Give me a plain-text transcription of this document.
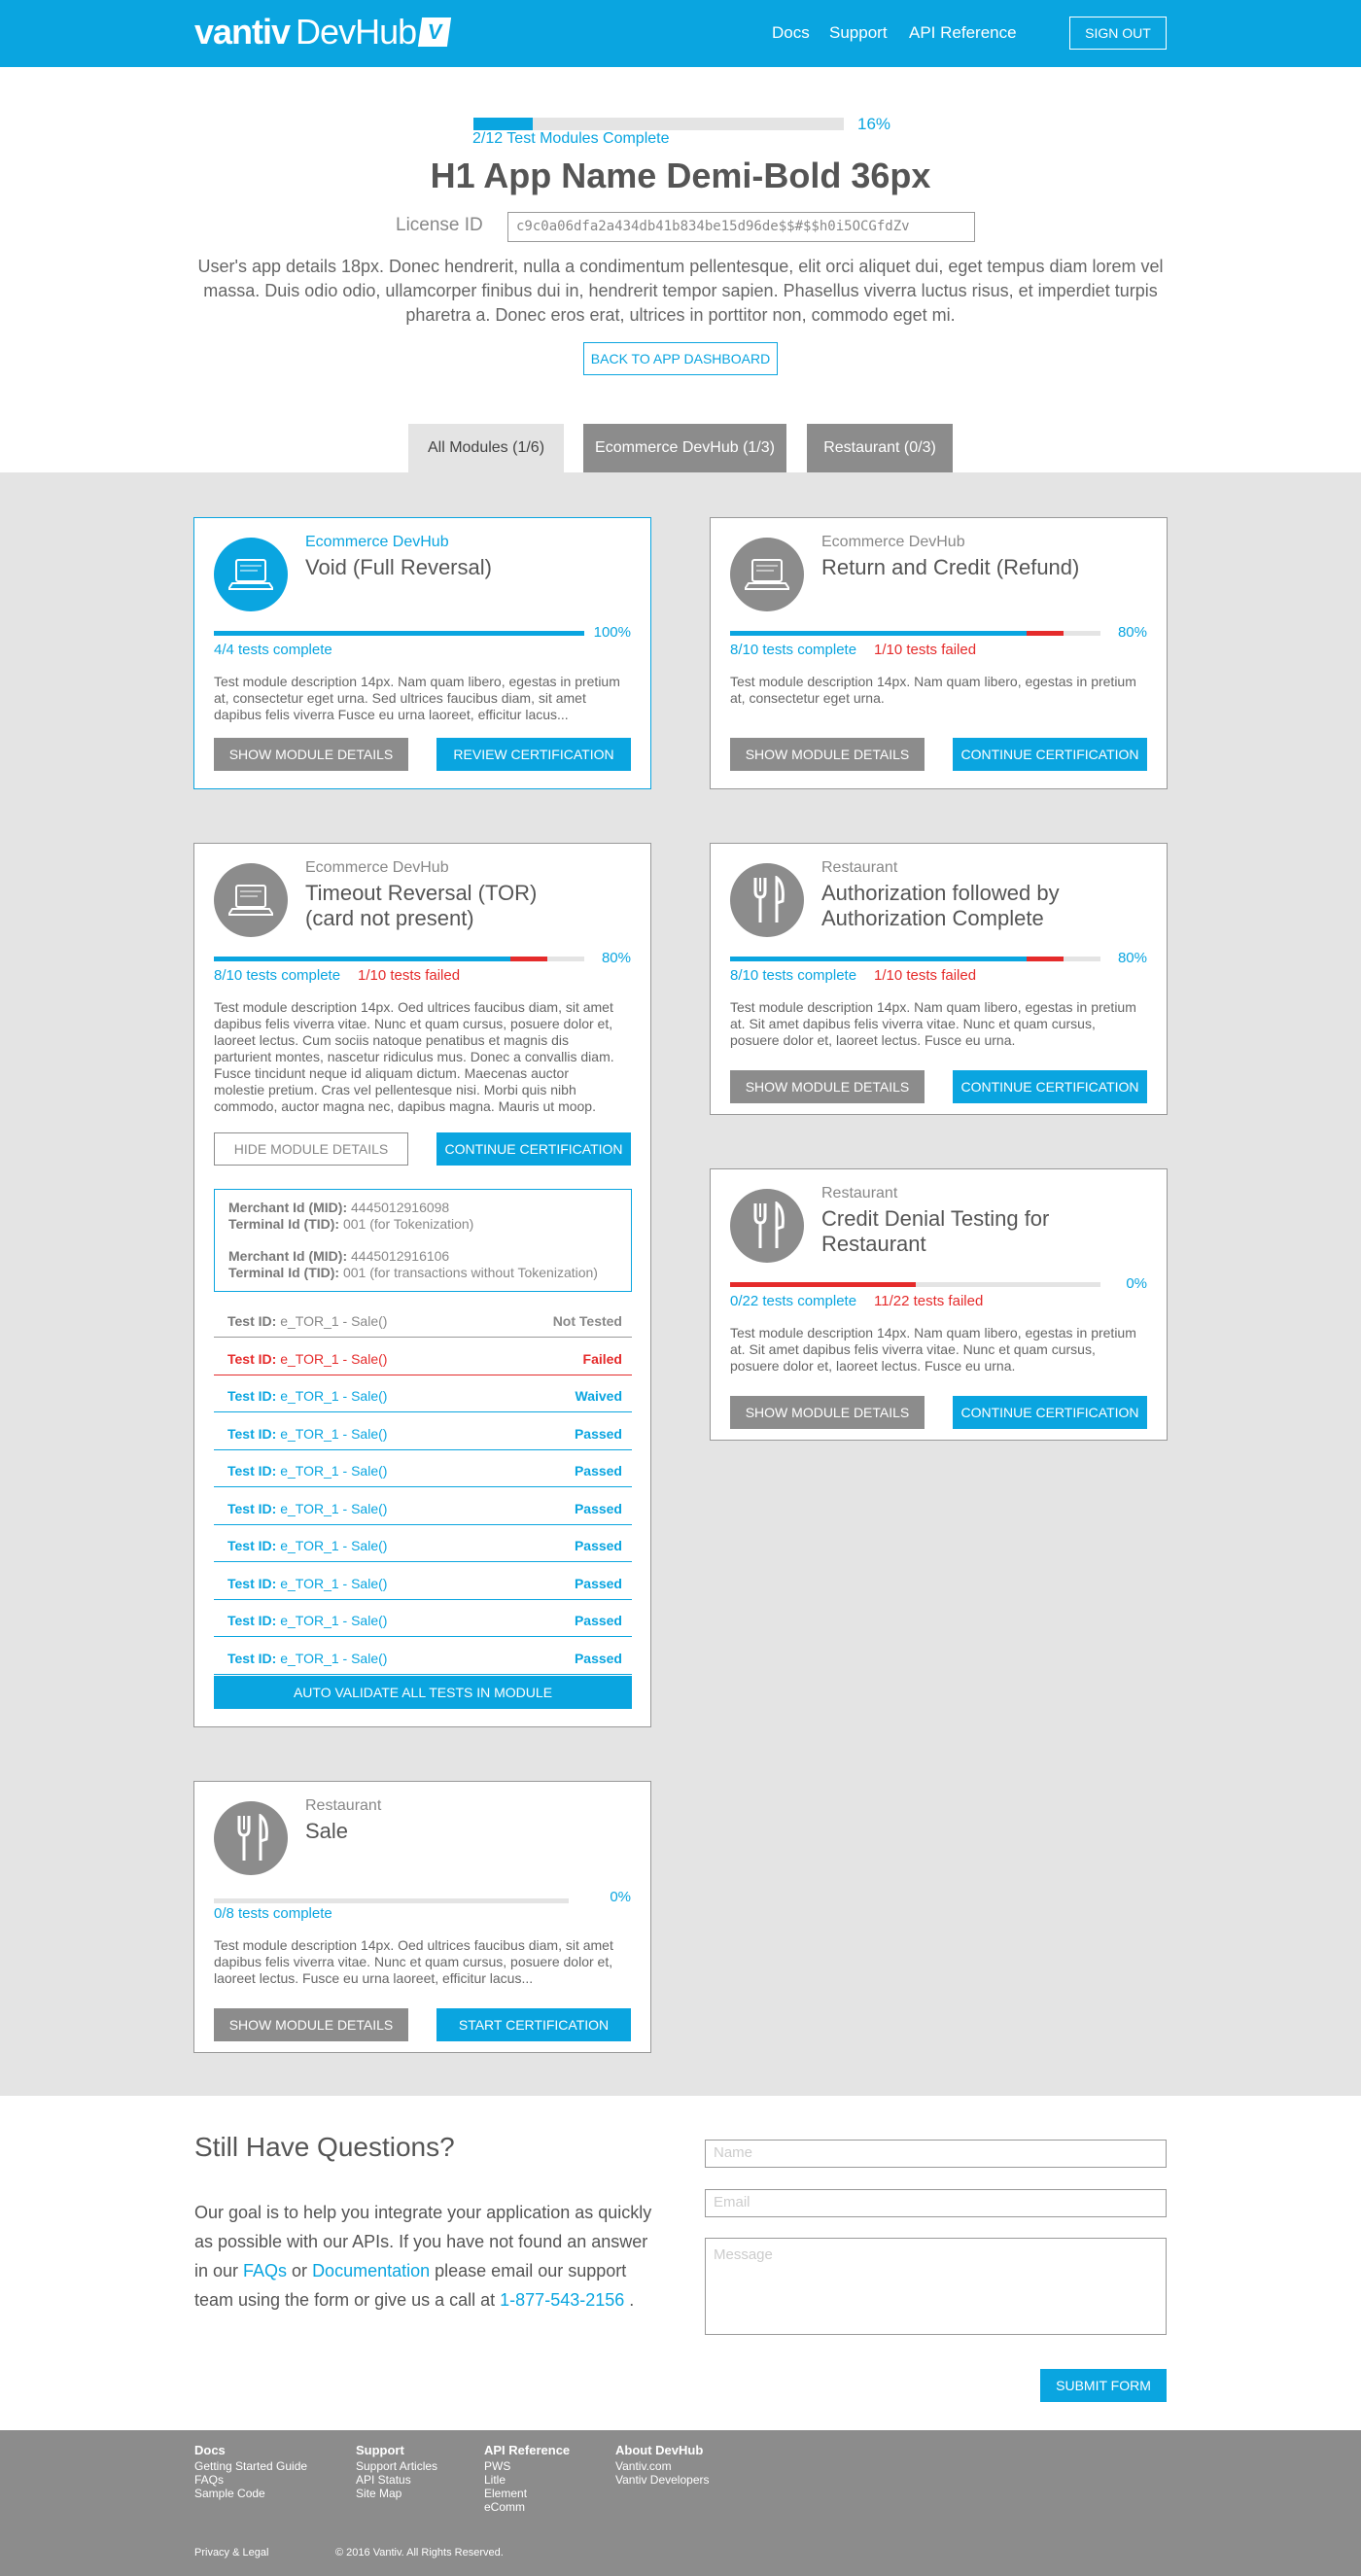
vantiv DevHub V	Docs Support API Reference	SIGN OUT
16%
2/12 Test Modules Complete
H1 App Name Demi-Bold 36px
License ID	c9c0a06dfa2a434db41b834be15d96de$$#$$h0i5OCGfdZv
User's app details 18px. Donec hendrerit, nulla a condimentum pellentesque, elit orci aliquet dui, eget tempus diam lorem vel massa. Duis odio odio, ullamcorper finibus dui in, hendrerit tempor sapien. Phasellus viverra luctus risus, et imperdiet turpis pharetra a. Donec eros erat, ultrices in porttitor non, commodo eget mi.
BACK TO APP DASHBOARD
All Modules (1/6)	Ecommerce DevHub (1/3)	Restaurant (0/3)
Ecommerce DevHub
Void (Full Reversal)
100%
4/4 tests complete
Test module description 14px. Nam quam libero, egestas in pretium at, consectetur eget urna. Sed ultrices faucibus diam, sit amet dapibus felis viverra Fusce eu urna laoreet, efficitur lacus...
SHOW MODULE DETAILS	REVIEW CERTIFICATION
Ecommerce DevHub
Return and Credit (Refund)
80%
8/10 tests complete 1/10 tests failed
Test module description 14px. Nam quam libero, egestas in pretium at, consectetur eget urna.
SHOW MODULE DETAILS	CONTINUE CERTIFICATION
Ecommerce DevHub
Timeout Reversal (TOR) (card not present)
80%
8/10 tests complete 1/10 tests failed
Test module description 14px. Oed ultrices faucibus diam, sit amet dapibus felis viverra vitae. Nunc et quam cursus, posuere dolor et, laoreet lectus. Cum sociis natoque penatibus et magnis dis parturient montes, nascetur ridiculus mus. Donec a convallis diam. Fusce tincidunt neque id aliquam dictum. Maecenas auctor molestie pretium. Cras vel pellentesque nisi. Morbi quis nibh commodo, auctor magna nec, dapibus magna. Mauris ut moop.
HIDE MODULE DETAILS	CONTINUE CERTIFICATION
Merchant Id (MID): 4445012916098
Terminal Id (TID): 001 (for Tokenization)
Merchant Id (MID): 4445012916106
Terminal Id (TID): 001 (for transactions without Tokenization)
Test ID: e_TOR_1 - Sale()	Not Tested
Test ID: e_TOR_1 - Sale()	Failed
Test ID: e_TOR_1 - Sale()	Waived
Test ID: e_TOR_1 - Sale()	Passed
Test ID: e_TOR_1 - Sale()	Passed
Test ID: e_TOR_1 - Sale()	Passed
Test ID: e_TOR_1 - Sale()	Passed
Test ID: e_TOR_1 - Sale()	Passed
Test ID: e_TOR_1 - Sale()	Passed
Test ID: e_TOR_1 - Sale()	Passed
AUTO VALIDATE ALL TESTS IN MODULE
Restaurant
Authorization followed by Authorization Complete
80%
8/10 tests complete 1/10 tests failed
Test module description 14px. Nam quam libero, egestas in pretium at. Sit amet dapibus felis viverra vitae. Nunc et quam cursus, posuere dolor et, laoreet lectus. Fusce eu urna.
SHOW MODULE DETAILS	CONTINUE CERTIFICATION
Restaurant
Credit Denial Testing for Restaurant
0%
0/22 tests complete 11/22 tests failed
Test module description 14px. Nam quam libero, egestas in pretium at. Sit amet dapibus felis viverra vitae. Nunc et quam cursus, posuere dolor et, laoreet lectus. Fusce eu urna.
SHOW MODULE DETAILS	CONTINUE CERTIFICATION
Restaurant
Sale
0%
0/8 tests complete
Test module description 14px. Oed ultrices faucibus diam, sit amet dapibus felis viverra vitae. Nunc et quam cursus, posuere dolor et, laoreet lectus. Fusce eu urna laoreet, efficitur lacus...
SHOW MODULE DETAILS	START CERTIFICATION
Still Have Questions?
Our goal is to help you integrate your application as quickly as possible with our APIs. If you have not found an answer in our FAQs or Documentation please email our support team using the form or give us a call at 1-877-543-2156 .
Name
Email
Message
SUBMIT FORM
Docs
Getting Started Guide
FAQs
Sample Code
Support
Support Articles
API Status
Site Map
API Reference
PWS
Litle
Element
eComm
About DevHub
Vantiv.com
Vantiv Developers
Privacy & Legal	© 2016 Vantiv. All Rights Reserved.
